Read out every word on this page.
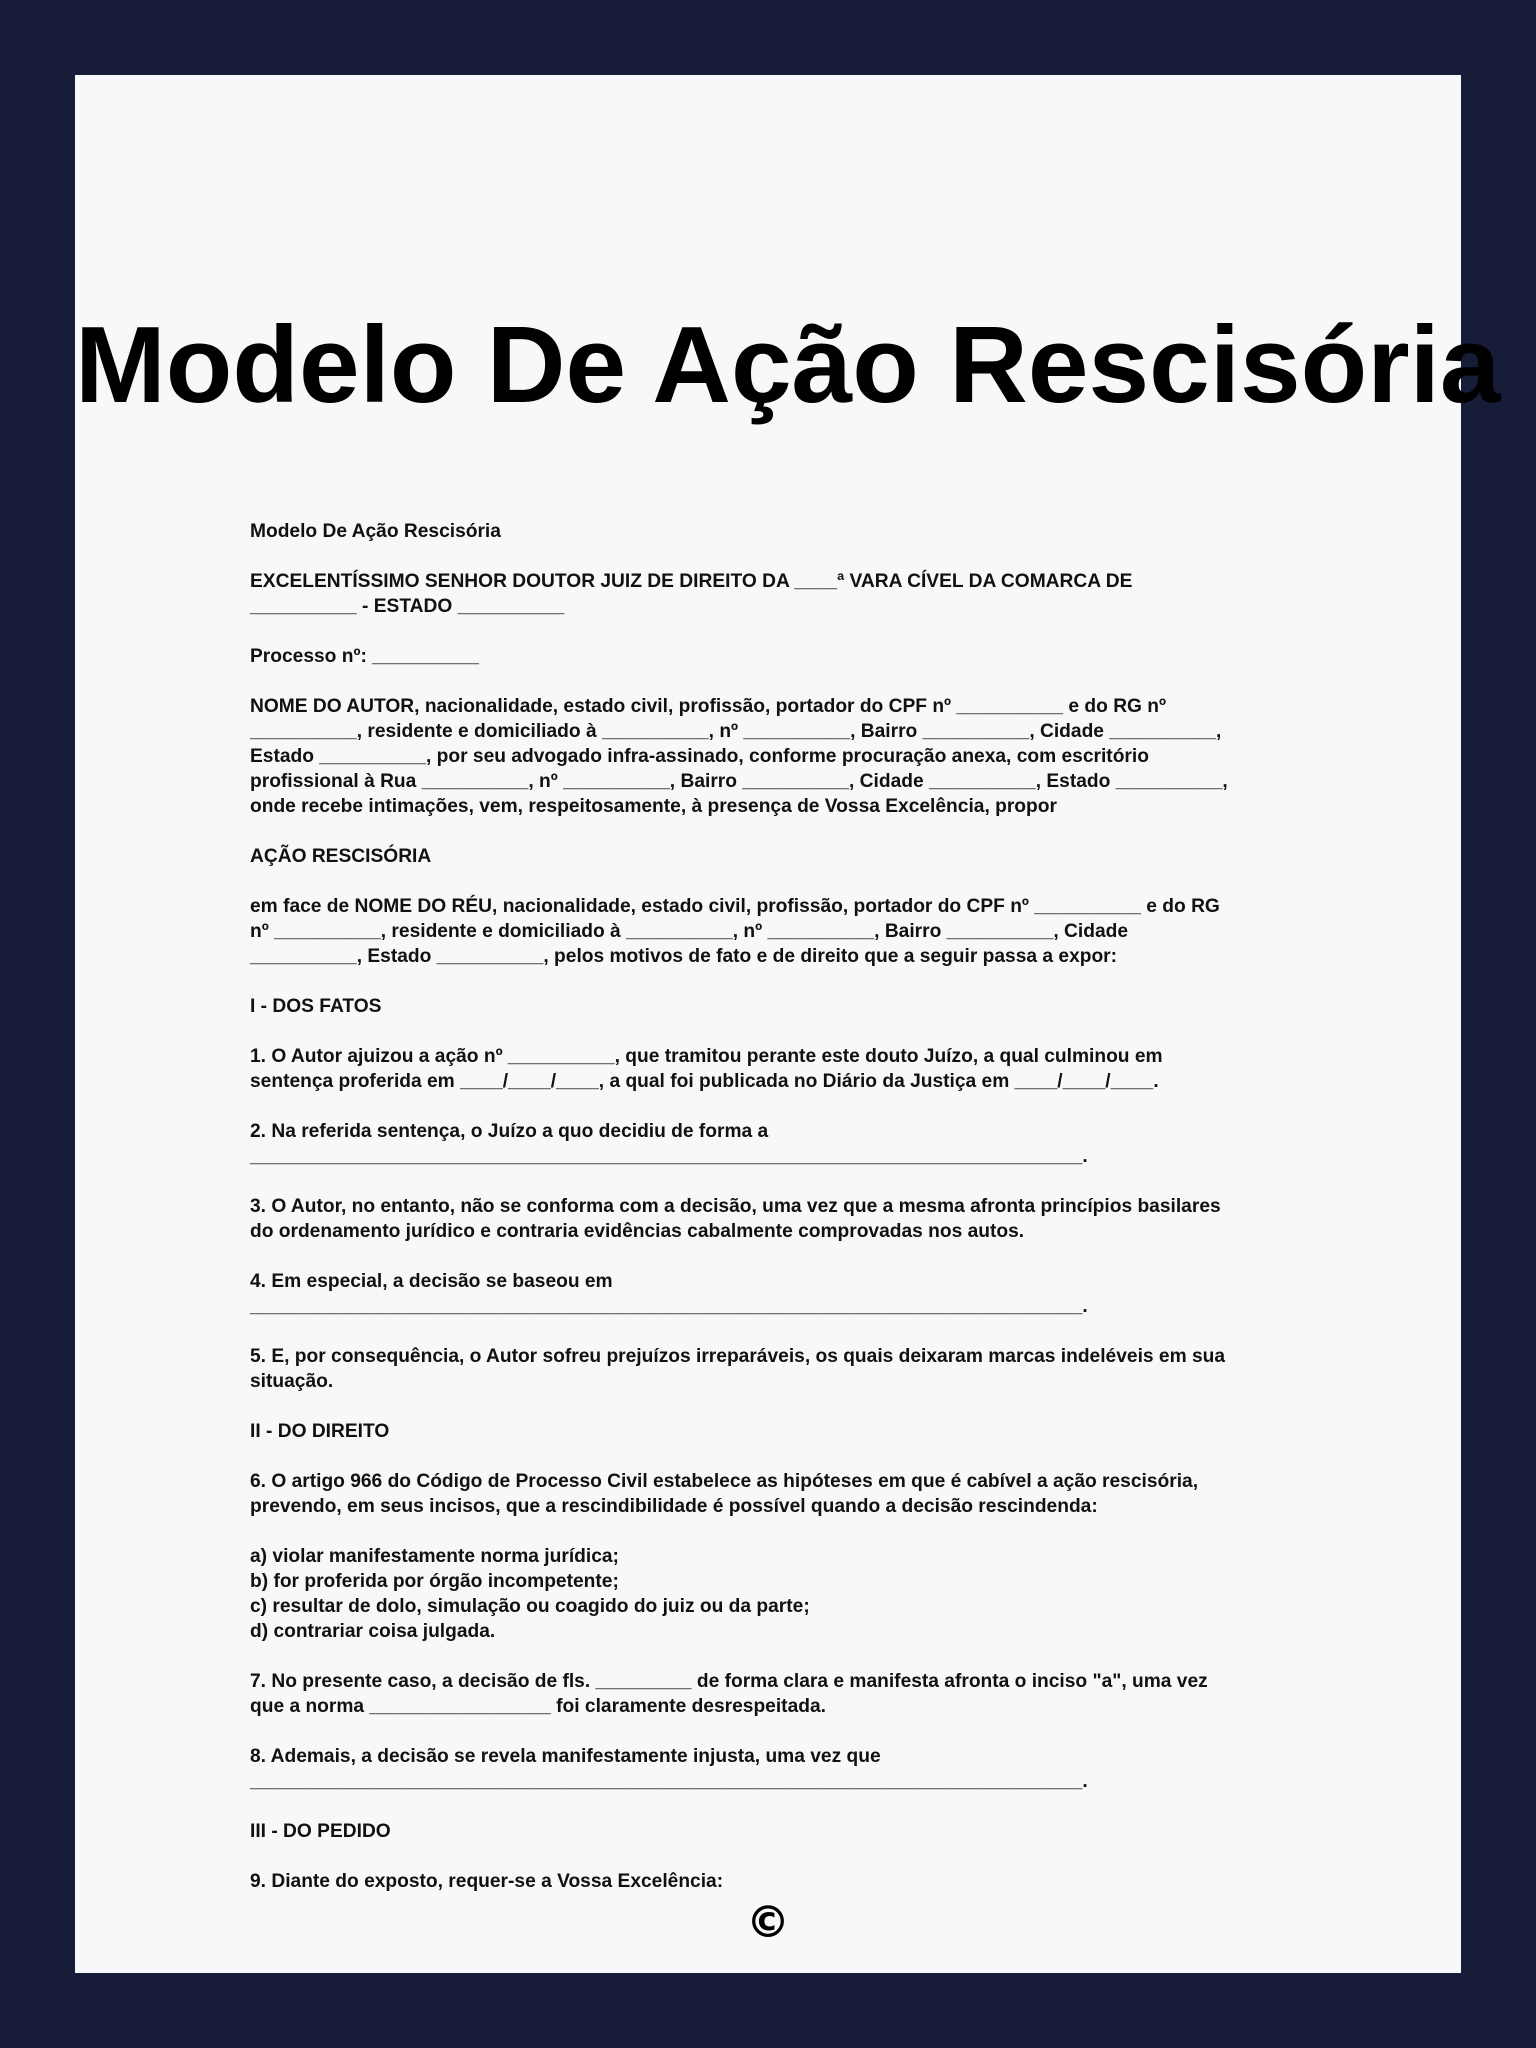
Modelo De Ação Rescisória

Modelo De Ação Rescisória

EXCELENTÍSSIMO SENHOR DOUTOR JUIZ DE DIREITO DA ____ª VARA CÍVEL DA COMARCA DE
__________ - ESTADO __________

Processo nº: __________

NOME DO AUTOR, nacionalidade, estado civil, profissão, portador do CPF nº __________ e do RG nº
__________, residente e domiciliado à __________, nº __________, Bairro __________, Cidade __________,
Estado __________, por seu advogado infra-assinado, conforme procuração anexa, com escritório
profissional à Rua __________, nº __________, Bairro __________, Cidade __________, Estado __________,
onde recebe intimações, vem, respeitosamente, à presença de Vossa Excelência, propor

AÇÃO RESCISÓRIA

em face de NOME DO RÉU, nacionalidade, estado civil, profissão, portador do CPF nº __________ e do RG
nº __________, residente e domiciliado à __________, nº __________, Bairro __________, Cidade
__________, Estado __________, pelos motivos de fato e de direito que a seguir passa a expor:

I - DOS FATOS

1. O Autor ajuizou a ação nº __________, que tramitou perante este douto Juízo, a qual culminou em
sentença proferida em ____/____/____, a qual foi publicada no Diário da Justiça em ____/____/____.

2. Na referida sentença, o Juízo a quo decidiu de forma a
______________________________________________________________________________.

3. O Autor, no entanto, não se conforma com a decisão, uma vez que a mesma afronta princípios basilares
do ordenamento jurídico e contraria evidências cabalmente comprovadas nos autos.

4. Em especial, a decisão se baseou em
______________________________________________________________________________.

5. E, por consequência, o Autor sofreu prejuízos irreparáveis, os quais deixaram marcas indeléveis em sua
situação.

II - DO DIREITO

6. O artigo 966 do Código de Processo Civil estabelece as hipóteses em que é cabível a ação rescisória,
prevendo, em seus incisos, que a rescindibilidade é possível quando a decisão rescindenda:

a) violar manifestamente norma jurídica;
b) for proferida por órgão incompetente;
c) resultar de dolo, simulação ou coagido do juiz ou da parte;
d) contrariar coisa julgada.

7. No presente caso, a decisão de fls. _________ de forma clara e manifesta afronta o inciso "a", uma vez
que a norma _________________ foi claramente desrespeitada.

8. Ademais, a decisão se revela manifestamente injusta, uma vez que
______________________________________________________________________________.

III - DO PEDIDO

9. Diante do exposto, requer-se a Vossa Excelência:

©
